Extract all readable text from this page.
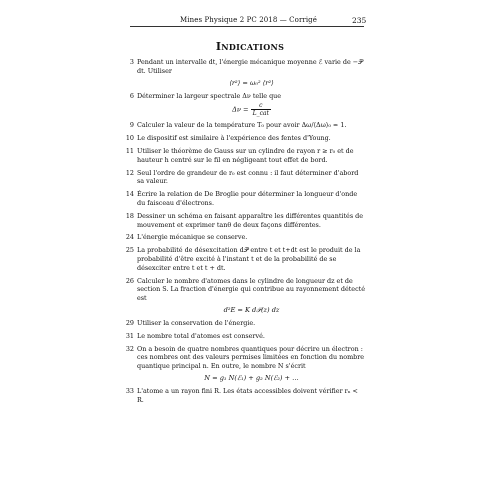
Mines Physique 2 PC 2018 — Corrigé	235
Indications
3 Pendant un intervalle dt, l'énergie mécanique moyenne ℰ varie de −𝒫 dt. Utiliser
⟨r²⟩ = ω₀² ⟨r²⟩
6 Déterminer la largeur spectrale Δν telle que
$\Delta\nu = \frac{c}{\text{L\_cat}}$
9 Calculer la valeur de la température T₀ pour avoir Δω/⟨Δω⟩₀ ≃ 1.
10 Le dispositif est similaire à l'expérience des fentes d'Young.
11 Utiliser le théorème de Gauss sur un cylindre de rayon r ≥ r₀ et de hauteur h centré sur le fil en négligeant tout effet de bord.
12 Seul l'ordre de grandeur de r₀ est connu : il faut déterminer d'abord sa valeur.
14 Écrire la relation de De Broglie pour déterminer la longueur d'onde du faisceau d'électrons.
18 Dessiner un schéma en faisant apparaître les différentes quantités de mouvement et exprimer tanθ de deux façons différentes.
24 L'énergie mécanique se conserve.
25 La probabilité de désexcitation d𝒫 entre t et t+dt est le produit de la probabilité d'être excité à l'instant t et de la probabilité de se désexciter entre t et t + dt.
26 Calculer le nombre d'atomes dans le cylindre de longueur dz et de section S. La fraction d'énergie qui contribue au rayonnement détecté est
d²E = K d𝒫(z) dz
29 Utiliser la conservation de l'énergie.
31 Le nombre total d'atomes est conservé.
32 On a besoin de quatre nombres quantiques pour décrire un électron : ces nombres ont des valeurs permises limitées en fonction du nombre quantique principal n. En outre, le nombre N s'écrit
N = g₁ N(ℰ₁) + g₂ N(ℰ₂) + …
33 L'atome a un rayon fini R. Les états accessibles doivent vérifier rₙ < R.
